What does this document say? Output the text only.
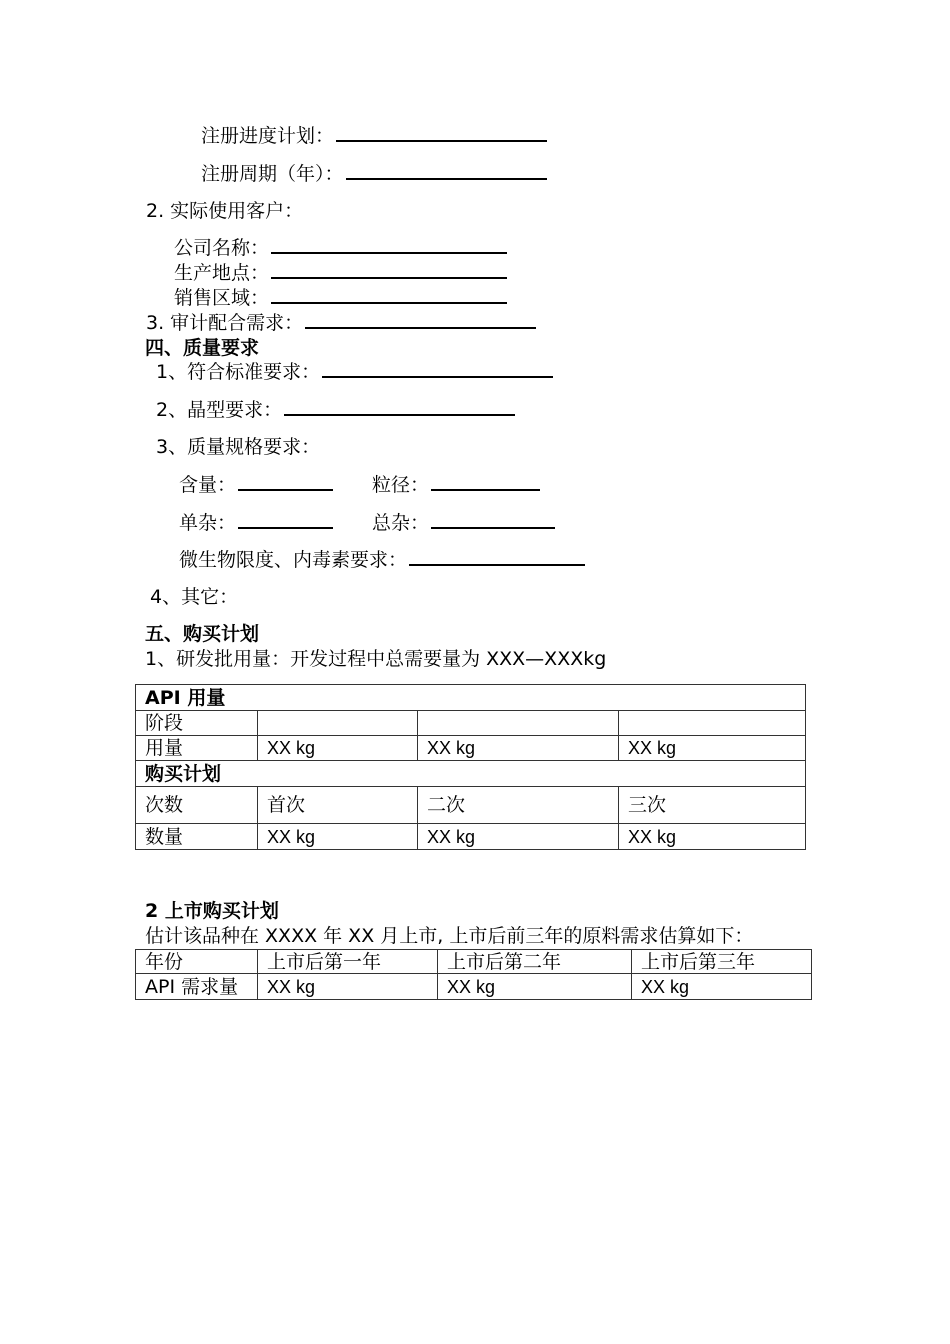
注册进度计划：
注册周期（年）：
2. 实际使用客户：
公司名称：
生产地点：
销售区域：
3. 审计配合需求：
四、质量要求
1、符合标准要求：
2、晶型要求：
3、质量规格要求：
含量：	粒径：
单杂：	总杂：
微生物限度、内毒素要求：
4、其它：
五、购买计划
1、研发批用量：开发过程中总需要量为 XXX—XXXkg
API 用量			
阶段			
用量	XX kg	XX kg	XX kg
购买计划			
次数	首次	二次	三次
数量	XX kg	XX kg	XX kg
2 上市购买计划
估计该品种在 XXXX 年 XX 月上市, 上市后前三年的原料需求估算如下：
年份	上市后第一年	上市后第二年	上市后第三年
API 需求量	XX kg	XX kg	XX kg
